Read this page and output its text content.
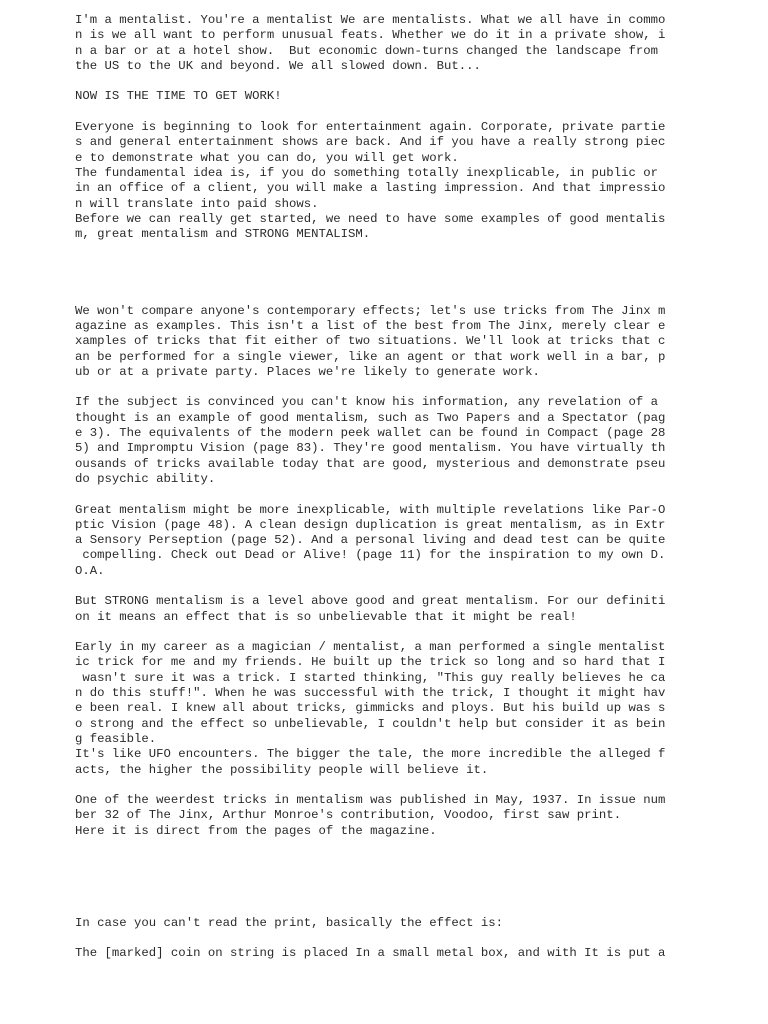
I'm a mentalist. You're a mentalist We are mentalists. What we all have in commo
n is we all want to perform unusual feats. Whether we do it in a private show, i
n a bar or at a hotel show.  But economic down-turns changed the landscape from
the US to the UK and beyond. We all slowed down. But...
NOW IS THE TIME TO GET WORK!
Everyone is beginning to look for entertainment again. Corporate, private partie
s and general entertainment shows are back. And if you have a really strong piec
e to demonstrate what you can do, you will get work.
The fundamental idea is, if you do something totally inexplicable, in public or
in an office of a client, you will make a lasting impression. And that impressio
n will translate into paid shows.
Before we can really get started, we need to have some examples of good mentalis
m, great mentalism and STRONG MENTALISM.
We won't compare anyone's contemporary effects; let's use tricks from The Jinx m
agazine as examples. This isn't a list of the best from The Jinx, merely clear e
xamples of tricks that fit either of two situations. We'll look at tricks that c
an be performed for a single viewer, like an agent or that work well in a bar, p
ub or at a private party. Places we're likely to generate work.
If the subject is convinced you can't know his information, any revelation of a
thought is an example of good mentalism, such as Two Papers and a Spectator (pag
e 3). The equivalents of the modern peek wallet can be found in Compact (page 28
5) and Impromptu Vision (page 83). They're good mentalism. You have virtually th
ousands of tricks available today that are good, mysterious and demonstrate pseu
do psychic ability.
Great mentalism might be more inexplicable, with multiple revelations like Par-O
ptic Vision (page 48). A clean design duplication is great mentalism, as in Extr
a Sensory Perseption (page 52). And a personal living and dead test can be quite
compelling. Check out Dead or Alive! (page 11) for the inspiration to my own D.
O.A.
But STRONG mentalism is a level above good and great mentalism. For our definiti
on it means an effect that is so unbelievable that it might be real!
Early in my career as a magician / mentalist, a man performed a single mentalist
ic trick for me and my friends. He built up the trick so long and so hard that I
wasn't sure it was a trick. I started thinking, "This guy really believes he ca
n do this stuff!". When he was successful with the trick, I thought it might hav
e been real. I knew all about tricks, gimmicks and ploys. But his build up was s
o strong and the effect so unbelievable, I couldn't help but consider it as bein
g feasible.
It's like UFO encounters. The bigger the tale, the more incredible the alleged f
acts, the higher the possibility people will believe it.
One of the weerdest tricks in mentalism was published in May, 1937. In issue num
ber 32 of The Jinx, Arthur Monroe's contribution, Voodoo, first saw print.
Here it is direct from the pages of the magazine.
In case you can't read the print, basically the effect is:
The [marked] coin on string is placed In a small metal box, and with It is put a
